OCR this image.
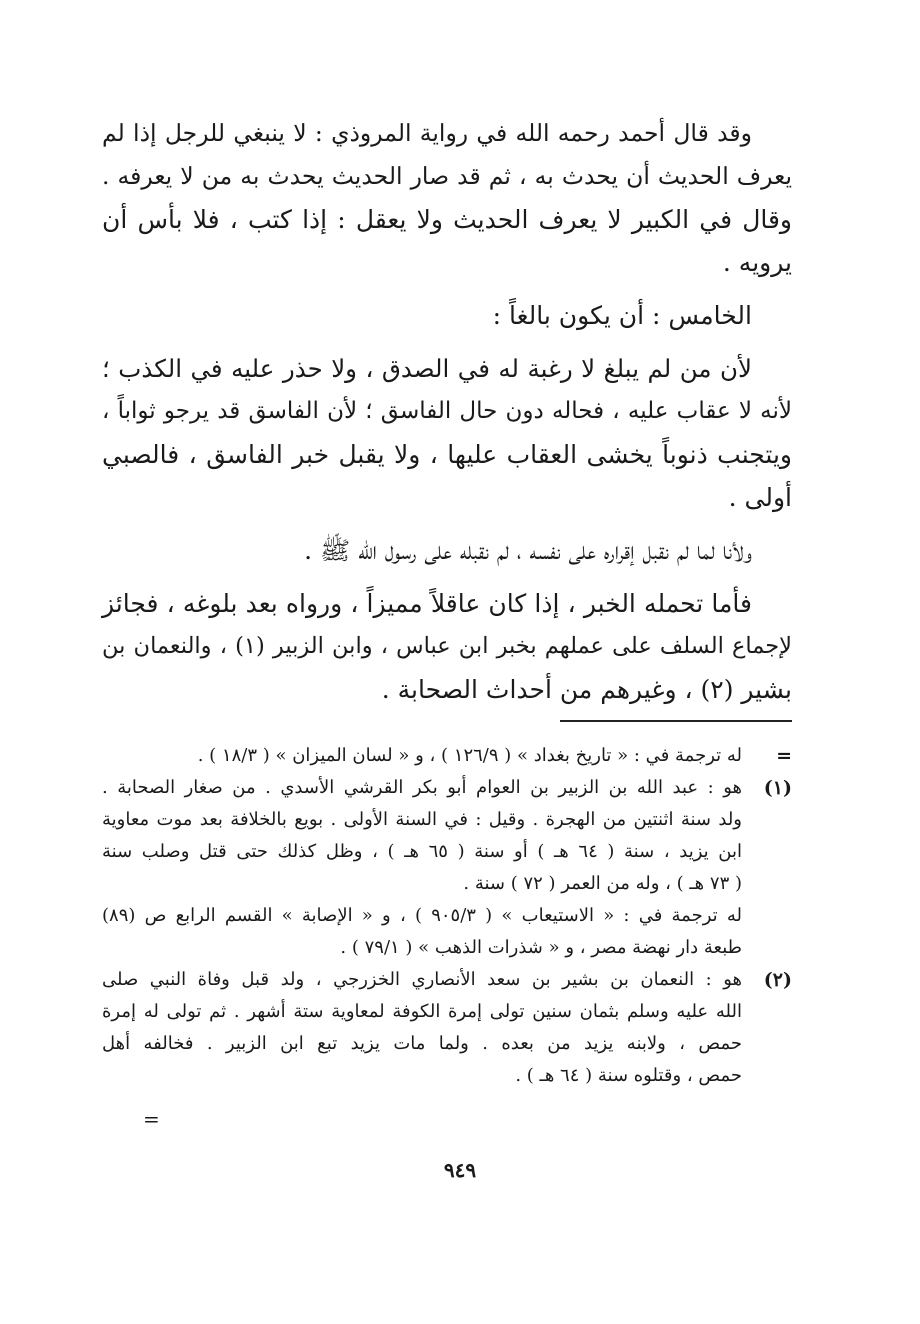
وقد قال أحمد رحمه الله في رواية المروذي : لا ينبغي للرجل إذا لم
يعرف الحديث أن يحدث به ، ثم قد صار الحديث يحدث به من لا يعرفه .
وقال في الكبير لا يعرف الحديث ولا يعقل : إذا كتب ، فلا بأس أن
يرويه .
الخامس : أن يكون بالغاً :
لأن من لم يبلغ لا رغبة له في الصدق ، ولا حذر عليه في الكذب ؛
لأنه لا عقاب عليه ، فحاله دون حال الفاسق ؛ لأن الفاسق قد يرجو ثواباً ،
ويتجنب ذنوباً يخشى العقاب عليها ، ولا يقبل خبر الفاسق ، فالصبي
أولى .
ولأنا لما لم نقبل إقراره على نفسه ، لم نقبله على رسول الله ﷺ .
فأما تحمله الخبر ، إذا كان عاقلاً مميزاً ، ورواه بعد بلوغه ، فجائز
لإجماع السلف على عملهم بخبر ابن عباس ، وابن الزبير (١) ، والنعمان بن
بشير (٢) ، وغيرهم من أحداث الصحابة .
=
له ترجمة في : « تاريخ بغداد » ( ١٢٦/٩ ) ، و « لسان الميزان » ( ١٨/٣ ) .
(١)
هو : عبد الله بن الزبير بن العوام أبو بكر القرشي الأسدي . من صغار الصحابة .
ولد سنة اثنتين من الهجرة . وقيل : في السنة الأولى . بويع بالخلافة بعد موت معاوية
ابن يزيد ، سنة ( ٦٤ هـ ) أو سنة ( ٦٥ هـ ) ، وظل كذلك حتى قتل وصلب سنة
( ٧٣ هـ ) ، وله من العمر ( ٧٢ ) سنة .
له ترجمة في : « الاستيعاب » ( ٩٠٥/٣ ) ، و « الإصابة » القسم الرابع ص (٨٩)
طبعة دار نهضة مصر ، و « شذرات الذهب » ( ٧٩/١ ) .
(٢)
هو : النعمان بن بشير بن سعد الأنصاري الخزرجي ، ولد قبل وفاة النبي صلى
الله عليه وسلم بثمان سنين تولى إمرة الكوفة لمعاوية ستة أشهر . ثم تولى له إمرة
حمص ، ولابنه يزيد من بعده . ولما مات يزيد تبع ابن الزبير . فخالفه أهل
حمص ، وقتلوه سنة ( ٦٤ هـ ) .
=
٩٤٩
